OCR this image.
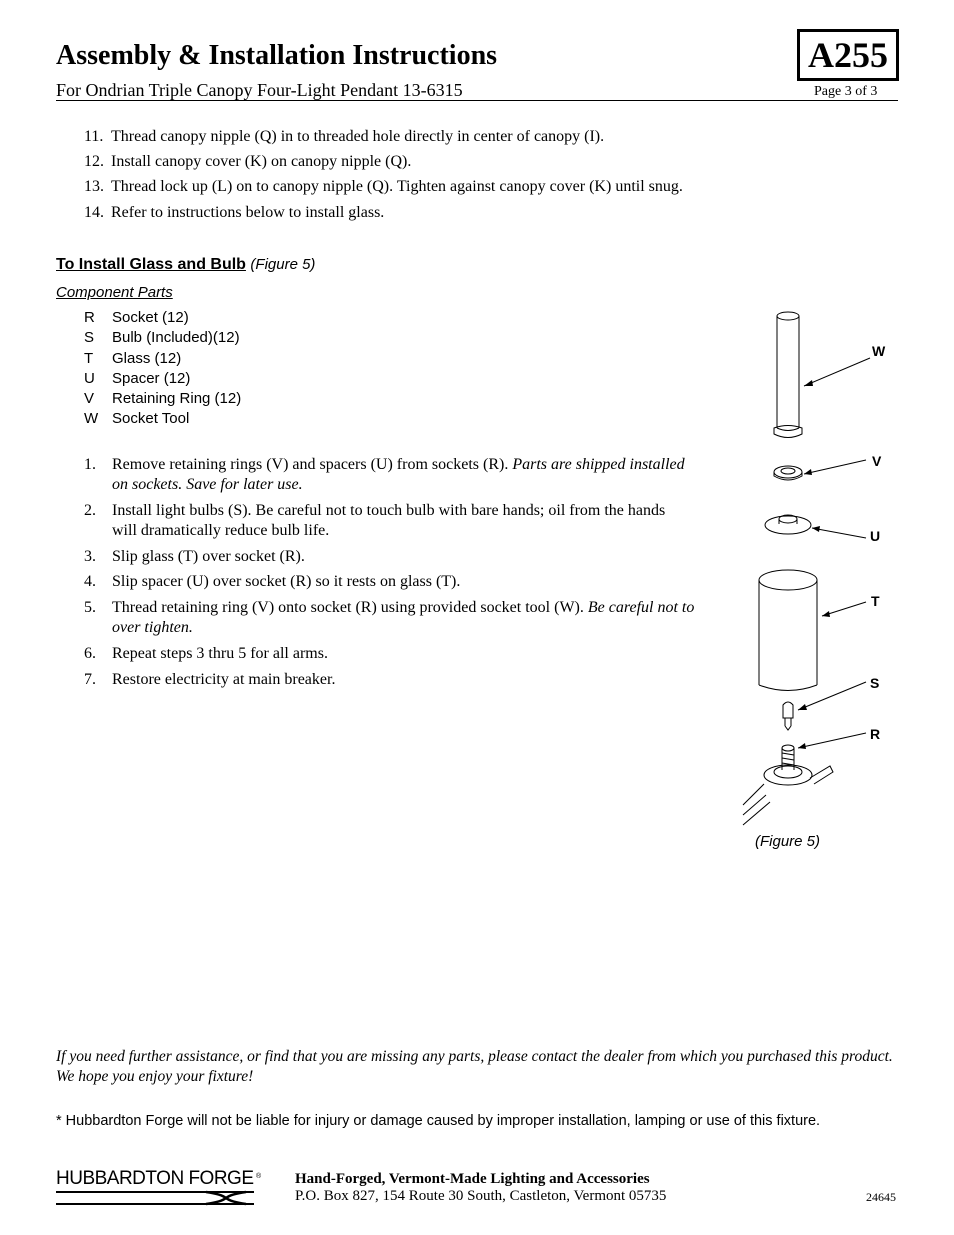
Assembly & Installation Instructions	A255
For Ondrian Triple Canopy Four-Light Pendant 13-6315	Page 3 of 3
11. Thread canopy nipple (Q) in to threaded hole directly in center of canopy (I).
12. Install canopy cover (K) on canopy nipple (Q).
13. Thread lock up (L) on to canopy nipple (Q). Tighten against canopy cover (K) until snug.
14. Refer to instructions below to install glass.
To Install Glass and Bulb (Figure 5)
Component Parts
R	Socket (12)
S	Bulb (Included)(12)
T	Glass (12)
U	Spacer (12)
V	Retaining Ring (12)
W Socket Tool
1. Remove retaining rings (V) and spacers (U) from sockets (R). Parts are shipped installed on sockets. Save for later use.
2. Install light bulbs (S). Be careful not to touch bulb with bare hands; oil from the hands will dramatically reduce bulb life.
3. Slip glass (T) over socket (R).
4. Slip spacer (U) over socket (R) so it rests on glass (T).
5. Thread retaining ring (V) onto socket (R) using provided socket tool (W). Be careful not to over tighten.
6. Repeat steps 3 thru 5 for all arms.
7. Restore electricity at main breaker.
W
V
U
T
S
R
(Figure 5)
If you need further assistance, or find that you are missing any parts, please contact the dealer from which you purchased this product. We hope you enjoy your fixture!
* Hubbardton Forge will not be liable for injury or damage caused by improper installation, lamping or use of this fixture.
HUBBARDTON FORGE ® Hand-Forged, Vermont-Made Lighting and Accessories
P.O. Box 827, 154 Route 30 South, Castleton, Vermont 05735	24645
